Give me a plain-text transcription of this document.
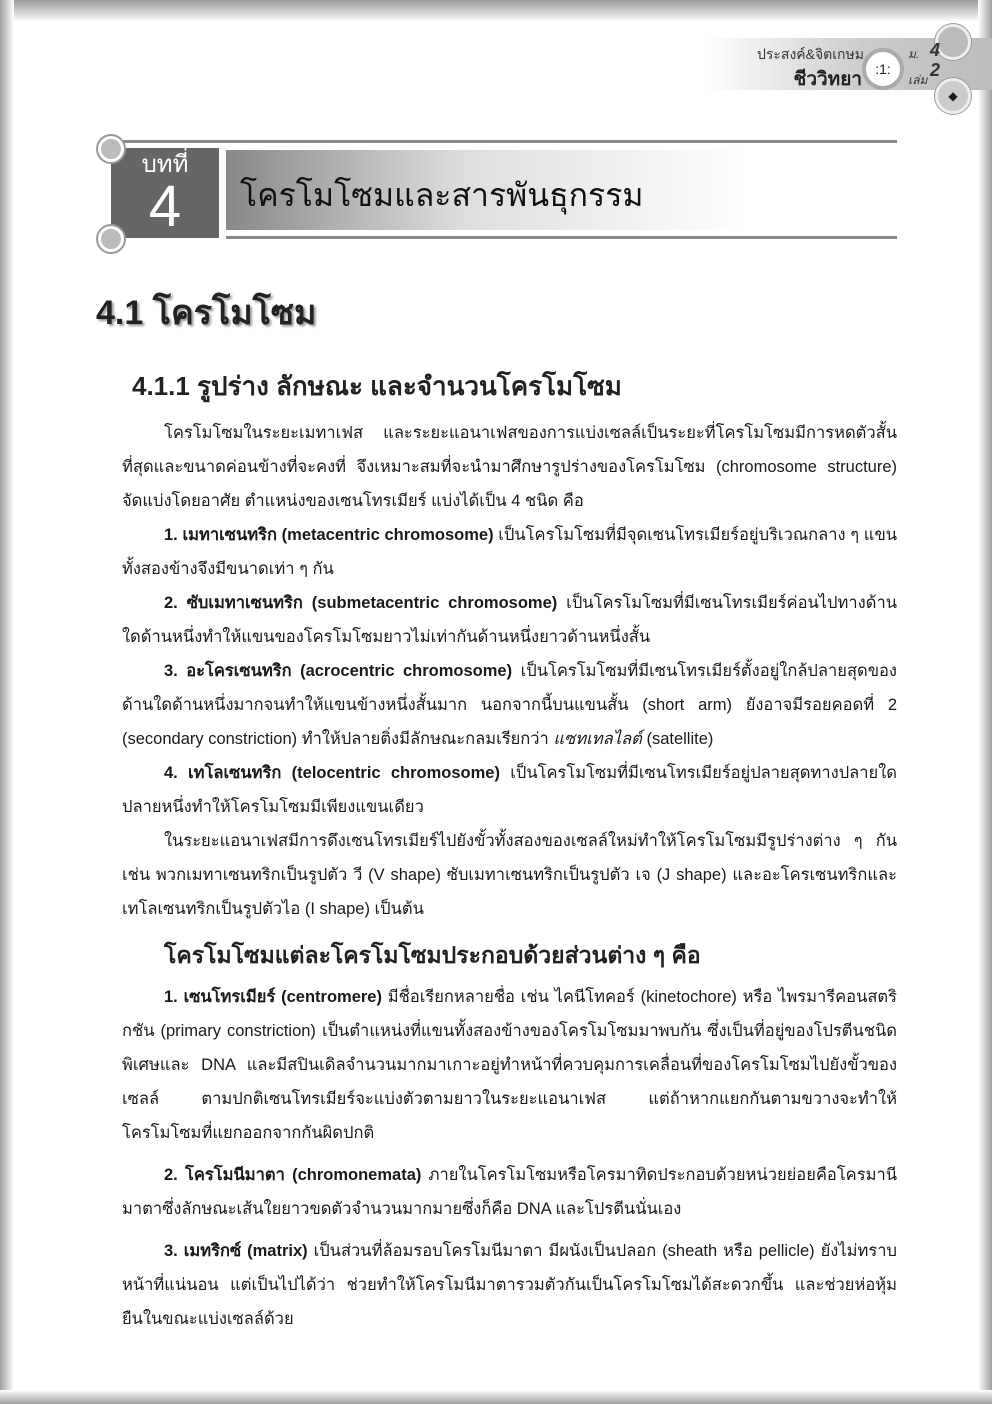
ประสงค์&จิตเกษม
ชีววิทยา :1:
◆
ม.

เล่ม
4
2
บทที่
4	โครโมโซมและสารพันธุกรรม
4.1 โครโมโซม
4.1.1 รูปร่าง ลักษณะ และจำนวนโครโมโซม

โครโมโซมในระยะเมทาเฟส และระยะแอนาเฟสของการแบ่งเซลล์เป็นระยะที่โครโมโซมมีการหดตัวสั้นที่สุดและขนาดค่อนข้างที่จะคงที่ จึงเหมาะสมที่จะนำมาศึกษารูปร่างของโครโมโซม (chromosome structure) จัดแบ่งโดยอาศัย ตำแหน่งของเซนโทรเมียร์ แบ่งได้เป็น 4 ชนิด คือ

1. เมทาเซนทริก (metacentric chromosome) เป็นโครโมโซมที่มีจุดเซนโทรเมียร์อยู่บริเวณกลาง ๆ แขนทั้งสองข้างจึงมีขนาดเท่า ๆ กัน

2. ซับเมทาเซนทริก (submetacentric chromosome) เป็นโครโมโซมที่มีเซนโทรเมียร์ค่อนไปทางด้านใดด้านหนึ่งทำให้แขนของโครโมโซมยาวไม่เท่ากันด้านหนึ่งยาวด้านหนึ่งสั้น

3. อะโครเซนทริก (acrocentric chromosome) เป็นโครโมโซมที่มีเซนโทรเมียร์ตั้งอยู่ใกล้ปลายสุดของด้านใดด้านหนึ่งมากจนทำให้แขนข้างหนึ่งสั้นมาก นอกจากนี้บนแขนสั้น (short arm) ยังอาจมีรอยคอดที่ 2 (secondary constriction) ทำให้ปลายติ่งมีลักษณะกลมเรียกว่า แซทเทลไลต์ (satellite)

4. เทโลเซนทริก (telocentric chromosome) เป็นโครโมโซมที่มีเซนโทรเมียร์อยู่ปลายสุดทางปลายใดปลายหนึ่งทำให้โครโมโซมมีเพียงแขนเดียว

ในระยะแอนาเฟสมีการดึงเซนโทรเมียร์ไปยังขั้วทั้งสองของเซลล์ใหม่ทำให้โครโมโซมมีรูปร่างต่าง ๆ กัน เช่น พวกเมทาเซนทริกเป็นรูปตัว วี (V shape) ซับเมทาเซนทริกเป็นรูปตัว เจ (J shape) และอะโครเซนทริกและเทโลเซนทริกเป็นรูปตัวไอ (I shape) เป็นต้น

โครโมโซมแต่ละโครโมโซมประกอบด้วยส่วนต่าง ๆ คือ

1. เซนโทรเมียร์ (centromere) มีชื่อเรียกหลายชื่อ เช่น ไคนีโทคอร์ (kinetochore) หรือ ไพรมารีคอนสตริกชัน (primary constriction) เป็นตำแหน่งที่แขนทั้งสองข้างของโครโมโซมมาพบกัน ซึ่งเป็นที่อยู่ของโปรตีนชนิดพิเศษและ DNA และมีสปินเดิลจำนวนมากมาเกาะอยู่ทำหน้าที่ควบคุมการเคลื่อนที่ของโครโมโซมไปยังขั้วของเซลล์ ตามปกติเซนโทรเมียร์จะแบ่งตัวตามยาวในระยะแอนาเฟส แต่ถ้าหากแยกกันตามขวางจะทำให้โครโมโซมที่แยกออกจากกันผิดปกติ

2. โครโมนีมาตา (chromonemata) ภายในโครโมโซมหรือโครมาทิดประกอบด้วยหน่วยย่อยคือโครมานีมาตาซึ่งลักษณะเส้นใยยาวขดตัวจำนวนมากมายซึ่งก็คือ DNA และโปรตีนนั่นเอง

3. เมทริกซ์ (matrix) เป็นส่วนที่ล้อมรอบโครโมนีมาตา มีผนังเป็นปลอก (sheath หรือ pellicle) ยังไม่ทราบหน้าที่แน่นอน แต่เป็นไปได้ว่า ช่วยทำให้โครโมนีมาตารวมตัวกันเป็นโครโมโซมได้สะดวกขึ้น และช่วยห่อหุ้มยืนในขณะแบ่งเซลล์ด้วย
